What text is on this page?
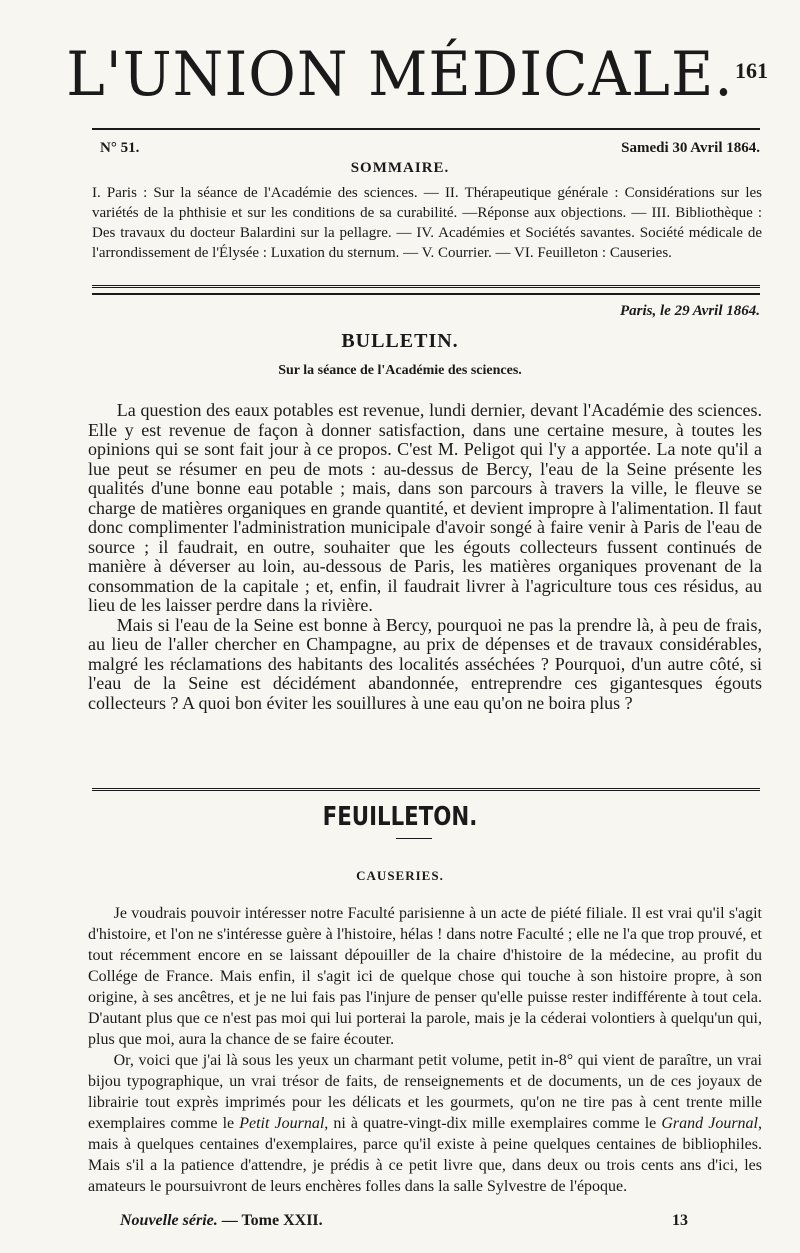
L'UNION MÉDICALE. 161
N° 51.	Samedi 30 Avril 1864.
SOMMAIRE.

I. Paris : Sur la séance de l'Académie des sciences. — II. Thérapeutique générale : Considérations sur les variétés de la phthisie et sur les conditions de sa curabilité. —Réponse aux objections. — III. Bibliothèque : Des travaux du docteur Balardini sur la pellagre. — IV. Académies et Sociétés savantes. Société médicale de l'arrondissement de l'Élysée : Luxation du sternum. — V. Courrier. — VI. Feuilleton : Causeries.

Paris, le 29 Avril 1864.
BULLETIN.
Sur la séance de l'Académie des sciences.

La question des eaux potables est revenue, lundi dernier, devant l'Académie des sciences. Elle y est revenue de façon à donner satisfaction, dans une certaine mesure, à toutes les opinions qui se sont fait jour à ce propos. C'est M. Peligot qui l'y a apportée. La note qu'il a lue peut se résumer en peu de mots : au-dessus de Bercy, l'eau de la Seine présente les qualités d'une bonne eau potable ; mais, dans son parcours à travers la ville, le fleuve se charge de matières organiques en grande quantité, et devient impropre à l'alimentation. Il faut donc complimenter l'administration municipale d'avoir songé à faire venir à Paris de l'eau de source ; il faudrait, en outre, souhaiter que les égouts collecteurs fussent continués de manière à déverser au loin, au-dessous de Paris, les matières organiques provenant de la consommation de la capitale ; et, enfin, il faudrait livrer à l'agriculture tous ces résidus, au lieu de les laisser perdre dans la rivière.

Mais si l'eau de la Seine est bonne à Bercy, pourquoi ne pas la prendre là, à peu de frais, au lieu de l'aller chercher en Champagne, au prix de dépenses et de travaux considérables, malgré les réclamations des habitants des localités asséchées ? Pourquoi, d'un autre côté, si l'eau de la Seine est décidément abandonnée, entreprendre ces gigantesques égouts collecteurs ? A quoi bon éviter les souillures à une eau qu'on ne boira plus ?

FEUILLETON.
CAUSERIES.

Je voudrais pouvoir intéresser notre Faculté parisienne à un acte de piété filiale. Il est vrai qu'il s'agit d'histoire, et l'on ne s'intéresse guère à l'histoire, hélas ! dans notre Faculté ; elle ne l'a que trop prouvé, et tout récemment encore en se laissant dépouiller de la chaire d'histoire de la médecine, au profit du Collége de France. Mais enfin, il s'agit ici de quelque chose qui touche à son histoire propre, à son origine, à ses ancêtres, et je ne lui fais pas l'injure de penser qu'elle puisse rester indifférente à tout cela. D'autant plus que ce n'est pas moi qui lui porterai la parole, mais je la céderai volontiers à quelqu'un qui, plus que moi, aura la chance de se faire écouter.

Or, voici que j'ai là sous les yeux un charmant petit volume, petit in-8° qui vient de paraître, un vrai bijou typographique, un vrai trésor de faits, de renseignements et de documents, un de ces joyaux de librairie tout exprès imprimés pour les délicats et les gourmets, qu'on ne tire pas à cent trente mille exemplaires comme le Petit Journal, ni à quatre-vingt-dix mille exemplaires comme le Grand Journal, mais à quelques centaines d'exemplaires, parce qu'il existe à peine quelques centaines de bibliophiles. Mais s'il a la patience d'attendre, je prédis à ce petit livre que, dans deux ou trois cents ans d'ici, les amateurs le poursuivront de leurs enchères folles dans la salle Sylvestre de l'époque.

Nouvelle série. — Tome XXII.	13
